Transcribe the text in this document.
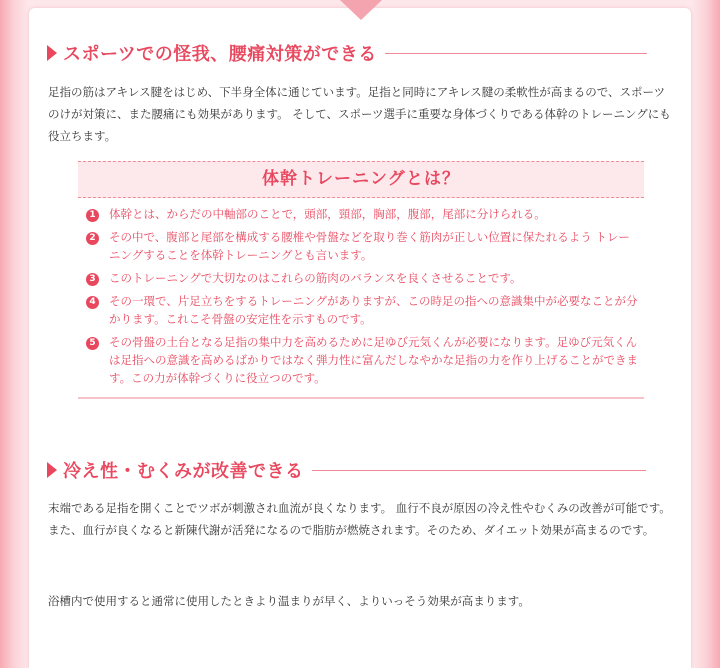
スポーツでの怪我、腰痛対策ができる

足指の筋はアキレス腱をはじめ、下半身全体に通じています。足指と同時にアキレス腱の柔軟性が高まるので、スポーツのけが対策に、また腰痛にも効果があります。 そして、スポーツ選手に重要な身体づくりである体幹のトレーニングにも役立ちます。

体幹トレーニングとは？
1 体幹とは、からだの中軸部のことで，頭部，頸部，胸部，腹部，尾部に分けられる。
2 その中で、腹部と尾部を構成する腰椎や骨盤などを取り巻く筋肉が正しい位置に保たれるよう トレーニングすることを体幹トレーニングとも言います。
3 このトレーニングで大切なのはこれらの筋肉のバランスを良くさせることです。
4 その一環で、片足立ちをするトレーニングがありますが、この時足の指への意識集中が必要なことが分かります。これこそ骨盤の安定性を示すものです。
5 その骨盤の土台となる足指の集中力を高めるために足ゆび元気くんが必要になります。足ゆび元気くんは足指への意識を高めるばかりではなく弾力性に富んだしなやかな足指の力を作り上げることができます。この力が体幹づくりに役立つのです。
冷え性・むくみが改善できる

末端である足指を開くことでツボが刺激され血流が良くなります。 血行不良が原因の冷え性やむくみの改善が可能です。 また、血行が良くなると新陳代謝が活発になるので脂肪が燃焼されます。そのため、ダイエット効果が高まるのです。

浴槽内で使用すると通常に使用したときより温まりが早く、よりいっそう効果が高まります。
